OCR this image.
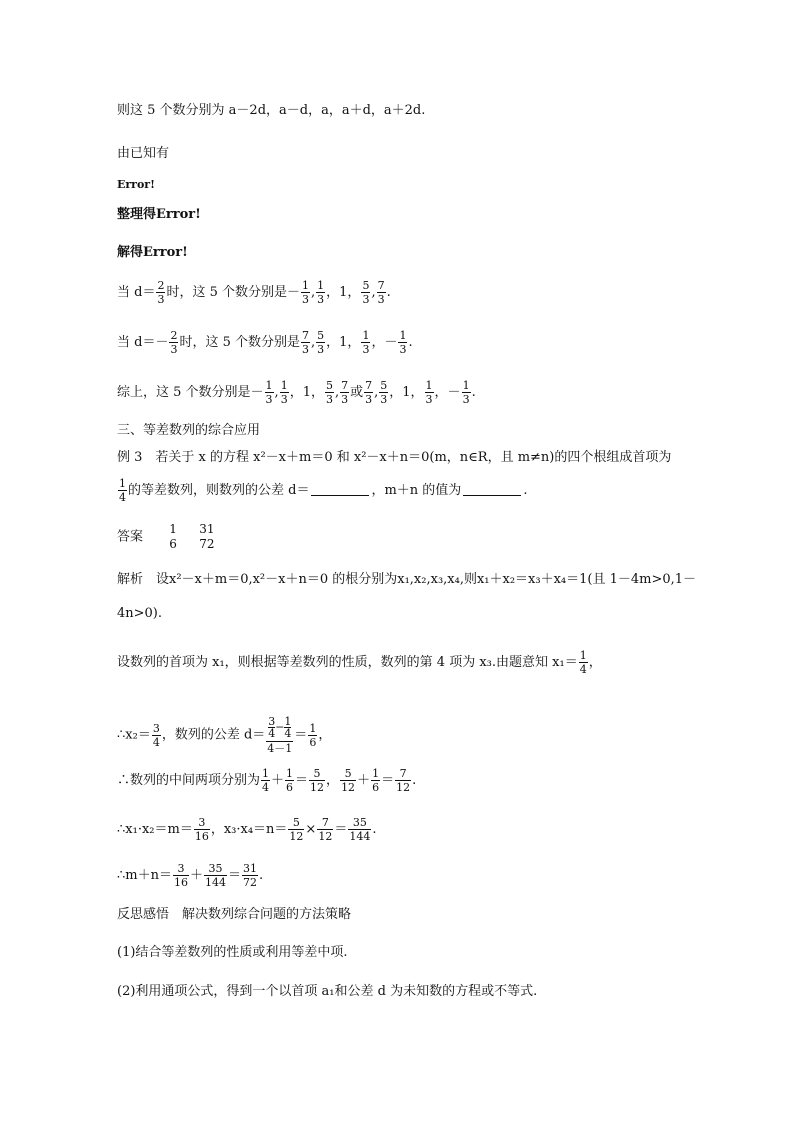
则这 5 个数分别为 a－2d，a－d，a，a＋d，a＋2d.
由已知有
Error!
整理得Error!
解得Error!
当 $d= \frac{2}{3}$ 时，这 5 个数分别是－ $\frac{1}{3}$ , $\frac{1}{3}$ ，1， $\frac{5}{3}$ , $\frac{7}{3}$ .
当 $d=- \frac{2}{3}$ 时，这 5 个数分别是 $\frac{7}{3}$ , $\frac{5}{3}$ ，1， $\frac{1}{3}$ ，－ $\frac{1}{3}$ .
综上，这 5 个数分别是－ $\frac{1}{3}$ , $\frac{1}{3}$ ，1， $\frac{5}{3}$ , $\frac{7}{3}$ 或 $\frac{7}{3}$ , $\frac{5}{3}$ ，1， $\frac{1}{3}$ ，－ $\frac{1}{3}$ .
三、等差数列的综合应用
例 3　若关于 x 的方程 x²－x＋m＝0 和 x²－x＋n＝0(m，n∈R，且 m≠n)的四个根组成首项为
$\frac{1}{4}$ 的等差数列，则数列的公差 d＝	，m＋n 的值为	.
答案
1
6

31
72
解析　设x²－x＋m＝0,x²－x＋n＝0 的根分别为x₁,x₂,x₃,x₄,则x₁＋x₂＝x₃＋x₄＝1(且 1－4m>0,1－
4n>0).
设数列的首项为 x₁，则根据等差数列的性质，数列的第 4 项为 x₃.由题意知 $x_1= \frac{1}{4}$ ，
∴x₂＝ $\frac{3}{4}$ ，数列的公差 $d= \frac{\frac{3}{4} - \frac{1}{4}}{4-1} = \frac{1}{6}$ ，
∴数列的中间两项分别为 $\frac{1}{4} + \frac{1}{6} = \frac{5}{12}$ ， $\frac{5}{12} + \frac{1}{6} = \frac{7}{12}$ .
∴x₁·x₂＝m＝ $\frac{3}{16}$ ，$x_3\cdot x_4=n= \frac{5}{12} \times \frac{7}{12} = \frac{35}{144}$ .
∴m＋n＝ $\frac{3}{16} + \frac{35}{144} = \frac{31}{72}$ .
反思感悟　解决数列综合问题的方法策略
(1)结合等差数列的性质或利用等差中项.
(2)利用通项公式，得到一个以首项 a₁和公差 d 为未知数的方程或不等式.
